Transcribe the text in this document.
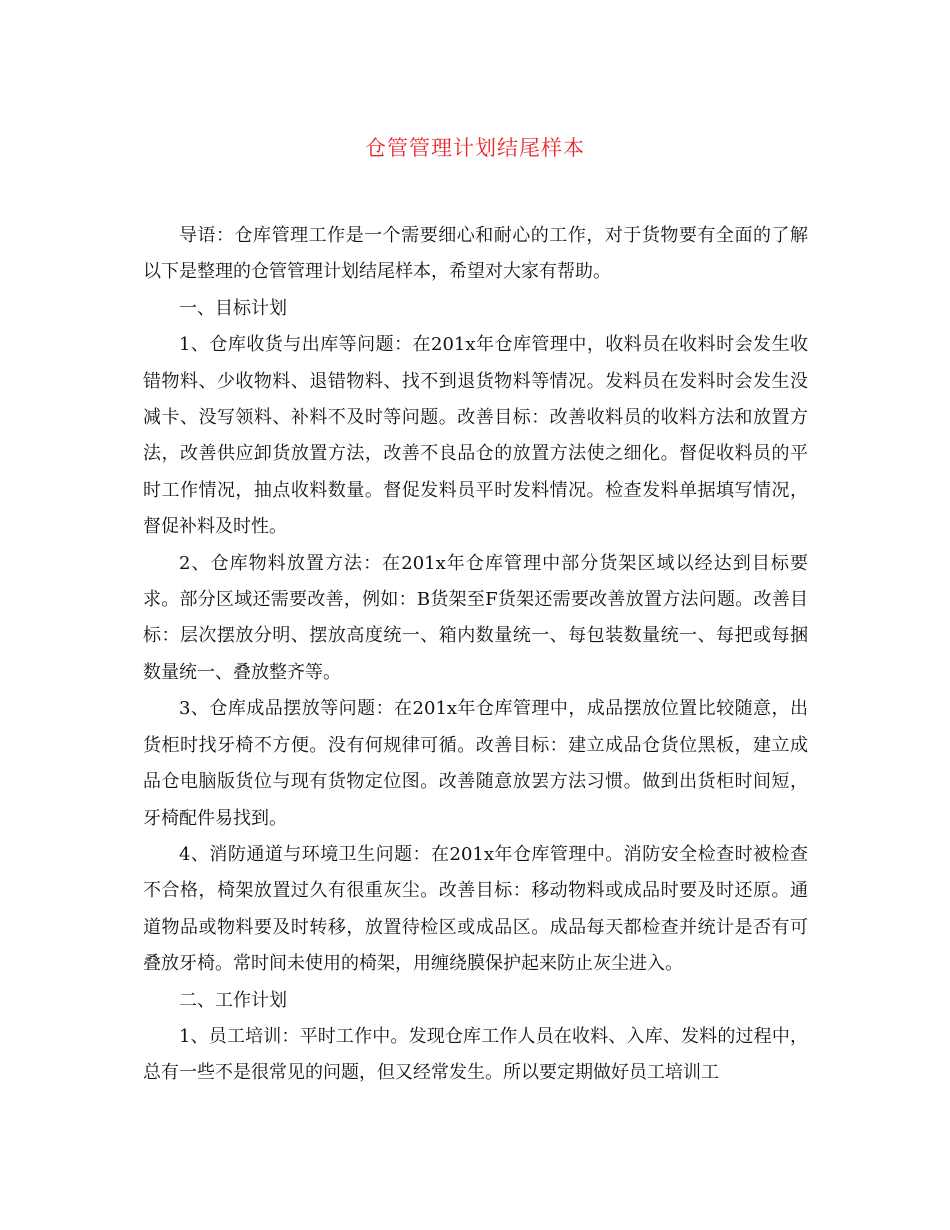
仓管管理计划结尾样本

导语：仓库管理工作是一个需要细心和耐心的工作，对于货物要有全面的了解以下是整理的仓管管理计划结尾样本，希望对大家有帮助。

一、目标计划

1、仓库收货与出库等问题：在201x年仓库管理中，收料员在收料时会发生收错物料、少收物料、退错物料、找不到退货物料等情况。发料员在发料时会发生没减卡、没写领料、补料不及时等问题。改善目标：改善收料员的收料方法和放置方法，改善供应卸货放置方法，改善不良品仓的放置方法使之细化。督促收料员的平时工作情况，抽点收料数量。督促发料员平时发料情况。检查发料单据填写情况，督促补料及时性。

2、仓库物料放置方法：在201x年仓库管理中部分货架区域以经达到目标要求。部分区域还需要改善，例如：B货架至F货架还需要改善放置方法问题。改善目标：层次摆放分明、摆放高度统一、箱内数量统一、每包装数量统一、每把或每捆数量统一、叠放整齐等。

3、仓库成品摆放等问题：在201x年仓库管理中，成品摆放位置比较随意，出货柜时找牙椅不方便。没有何规律可循。改善目标：建立成品仓货位黑板，建立成品仓电脑版货位与现有货物定位图。改善随意放罢方法习惯。做到出货柜时间短，牙椅配件易找到。

4、消防通道与环境卫生问题：在201x年仓库管理中。消防安全检查时被检查不合格，椅架放置过久有很重灰尘。改善目标：移动物料或成品时要及时还原。通道物品或物料要及时转移，放置待检区或成品区。成品每天都检查并统计是否有可叠放牙椅。常时间未使用的椅架，用缠绕膜保护起来防止灰尘进入。

二、工作计划

1、员工培训：平时工作中。发现仓库工作人员在收料、入库、发料的过程中，总有一些不是很常见的问题，但又经常发生。所以要定期做好员工培训工
